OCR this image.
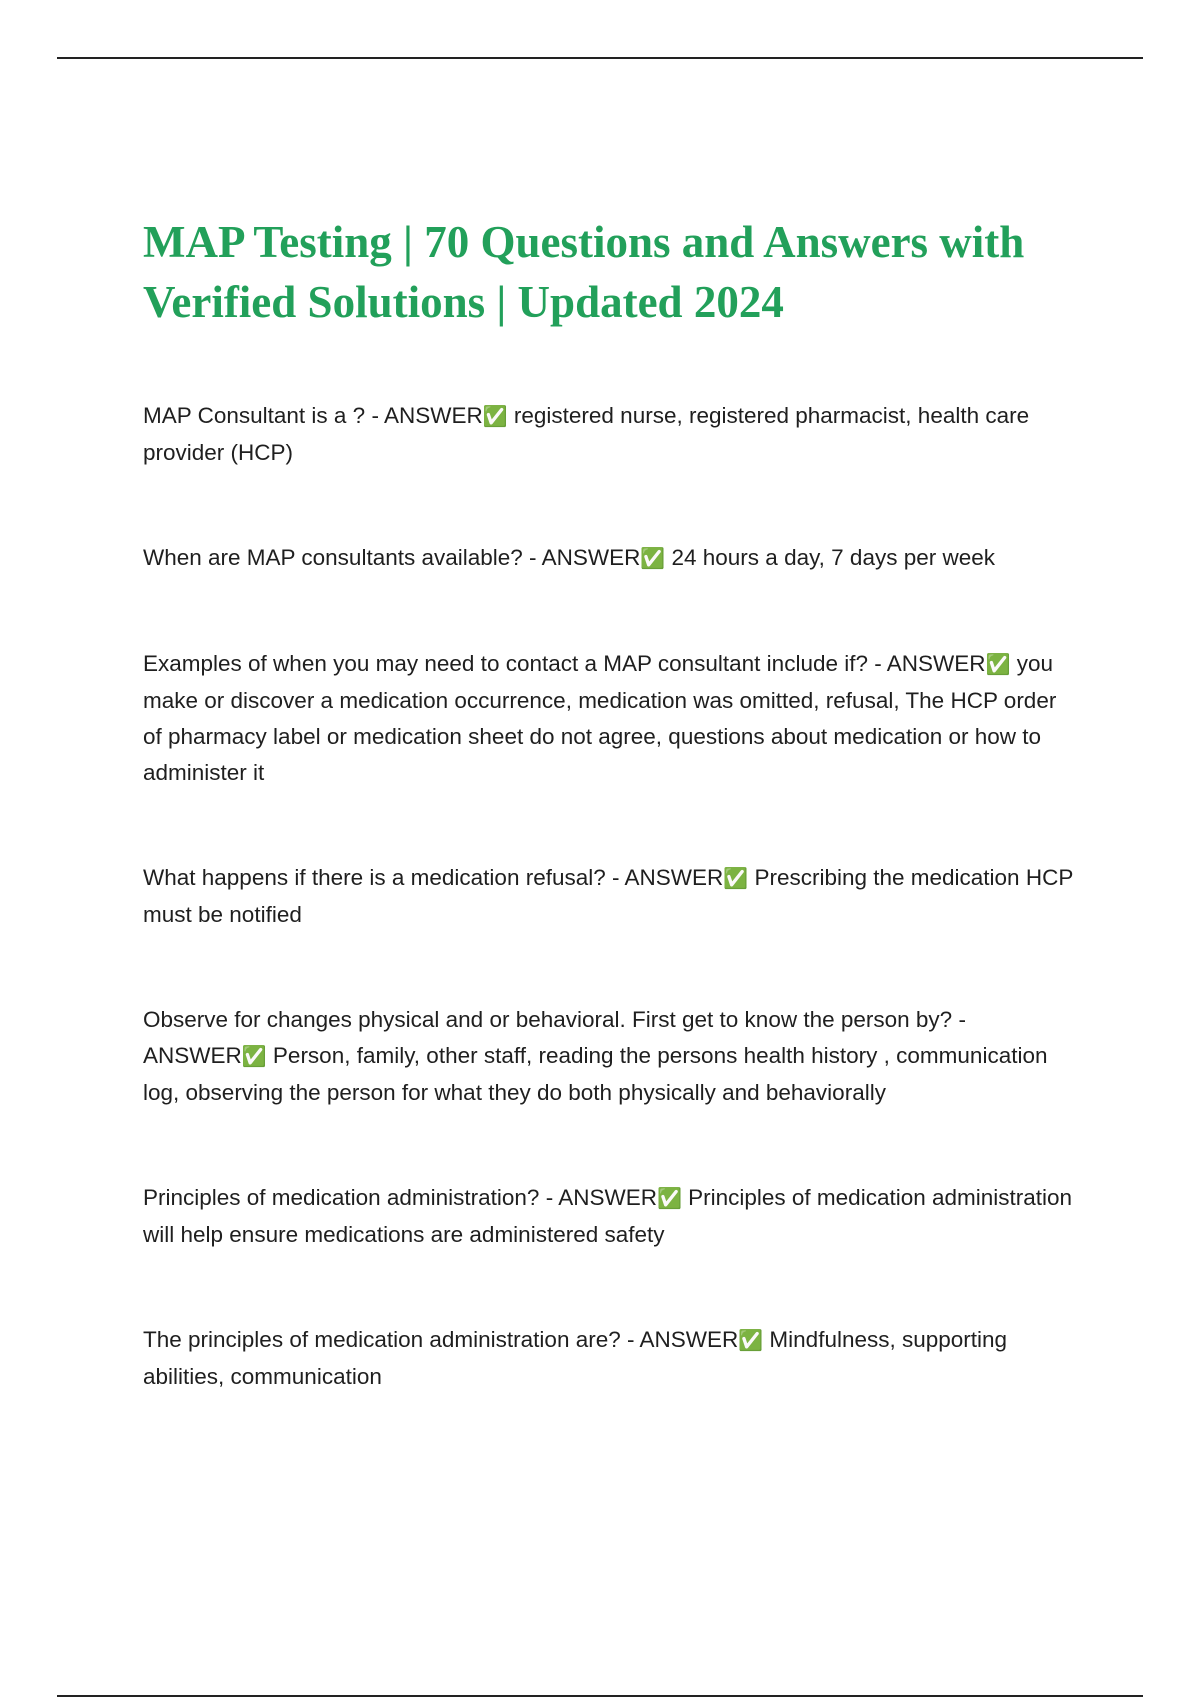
MAP Testing | 70 Questions and Answers with Verified Solutions | Updated 2024

MAP Consultant is a ? - ANSWER✅ registered nurse, registered pharmacist, health care provider (HCP)

When are MAP consultants available? - ANSWER✅ 24 hours a day, 7 days per week

Examples of when you may need to contact a MAP consultant include if? - ANSWER✅ you make or discover a medication occurrence, medication was omitted, refusal, The HCP order of pharmacy label or medication sheet do not agree, questions about medication or how to administer it

What happens if there is a medication refusal? - ANSWER✅ Prescribing the medication HCP must be notified

Observe for changes physical and or behavioral. First get to know the person by? - ANSWER✅ Person, family, other staff, reading the persons health history , communication log, observing the person for what they do both physically and behaviorally

Principles of medication administration? - ANSWER✅ Principles of medication administration will help ensure medications are administered safety

The principles of medication administration are? - ANSWER✅ Mindfulness, supporting abilities, communication
